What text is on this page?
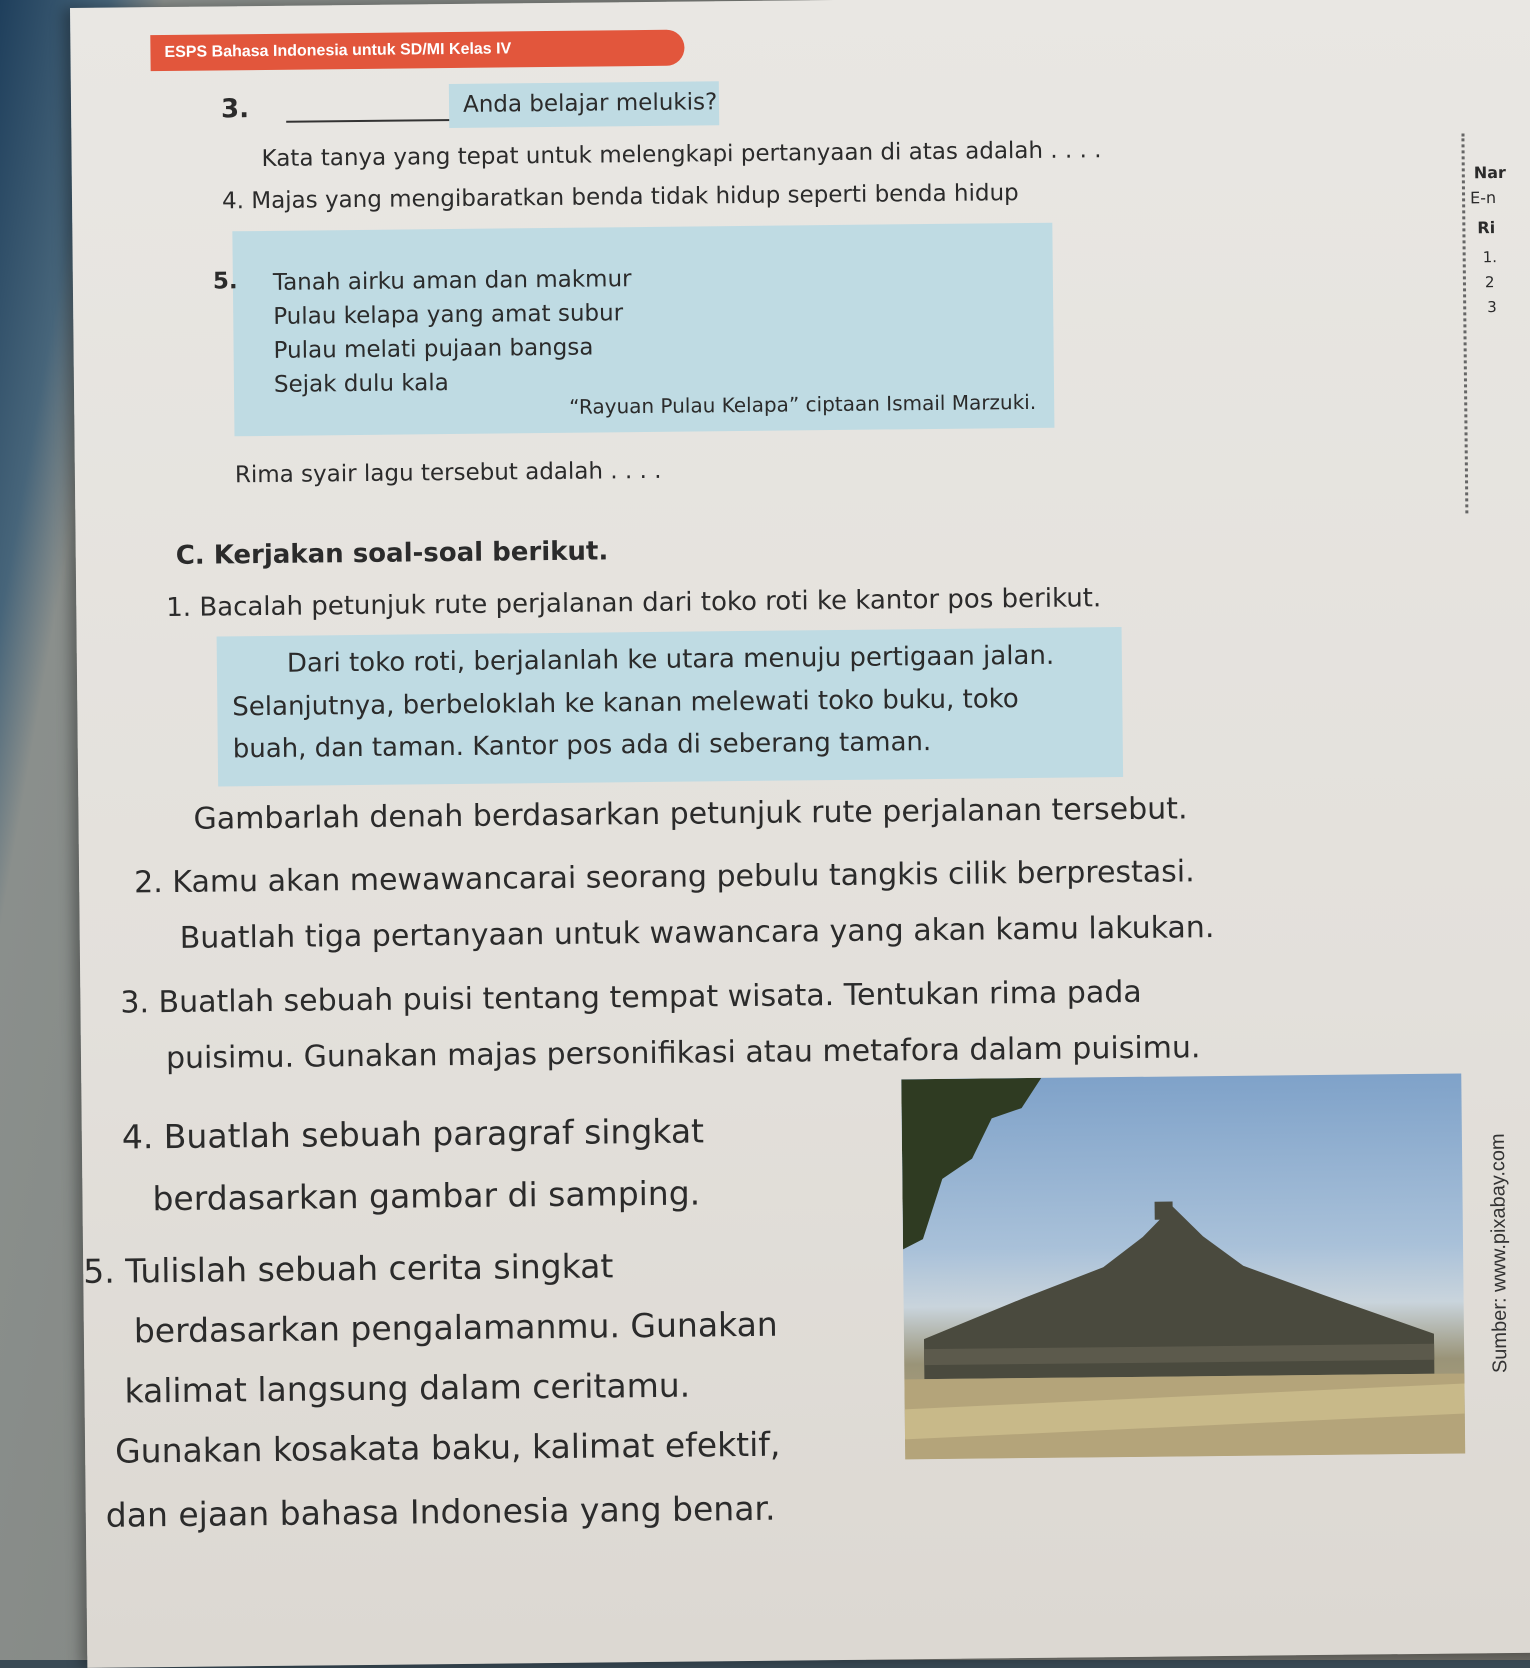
ESPS Bahasa Indonesia untuk SD/MI Kelas IV
3.	Anda belajar melukis?
Kata tanya yang tepat untuk melengkapi pertanyaan di atas adalah . . . .
4. Majas yang mengibaratkan benda tidak hidup seperti benda hidup
5. Tanah airku aman dan makmur
Pulau kelapa yang amat subur
Pulau melati pujaan bangsa
Sejak dulu kala
“Rayuan Pulau Kelapa” ciptaan Ismail Marzuki.
Rima syair lagu tersebut adalah . . . .
C. Kerjakan soal-soal berikut.
1. Bacalah petunjuk rute perjalanan dari toko roti ke kantor pos berikut.
Dari toko roti, berjalanlah ke utara menuju pertigaan jalan.
Selanjutnya, berbeloklah ke kanan melewati toko buku, toko
buah, dan taman. Kantor pos ada di seberang taman.
Gambarlah denah berdasarkan petunjuk rute perjalanan tersebut.
2. Kamu akan mewawancarai seorang pebulu tangkis cilik berprestasi.
Buatlah tiga pertanyaan untuk wawancara yang akan kamu lakukan.
3. Buatlah sebuah puisi tentang tempat wisata. Tentukan rima pada
puisimu. Gunakan majas personifikasi atau metafora dalam puisimu.
4. Buatlah sebuah paragraf singkat
berdasarkan gambar di samping.
5. Tulislah sebuah cerita singkat
berdasarkan pengalamanmu. Gunakan
kalimat langsung dalam ceritamu.
Gunakan kosakata baku, kalimat efektif,
dan ejaan bahasa Indonesia yang benar.
Sumber: www.pixabay.com
Nar
E-n
Ri
1.
2
3
